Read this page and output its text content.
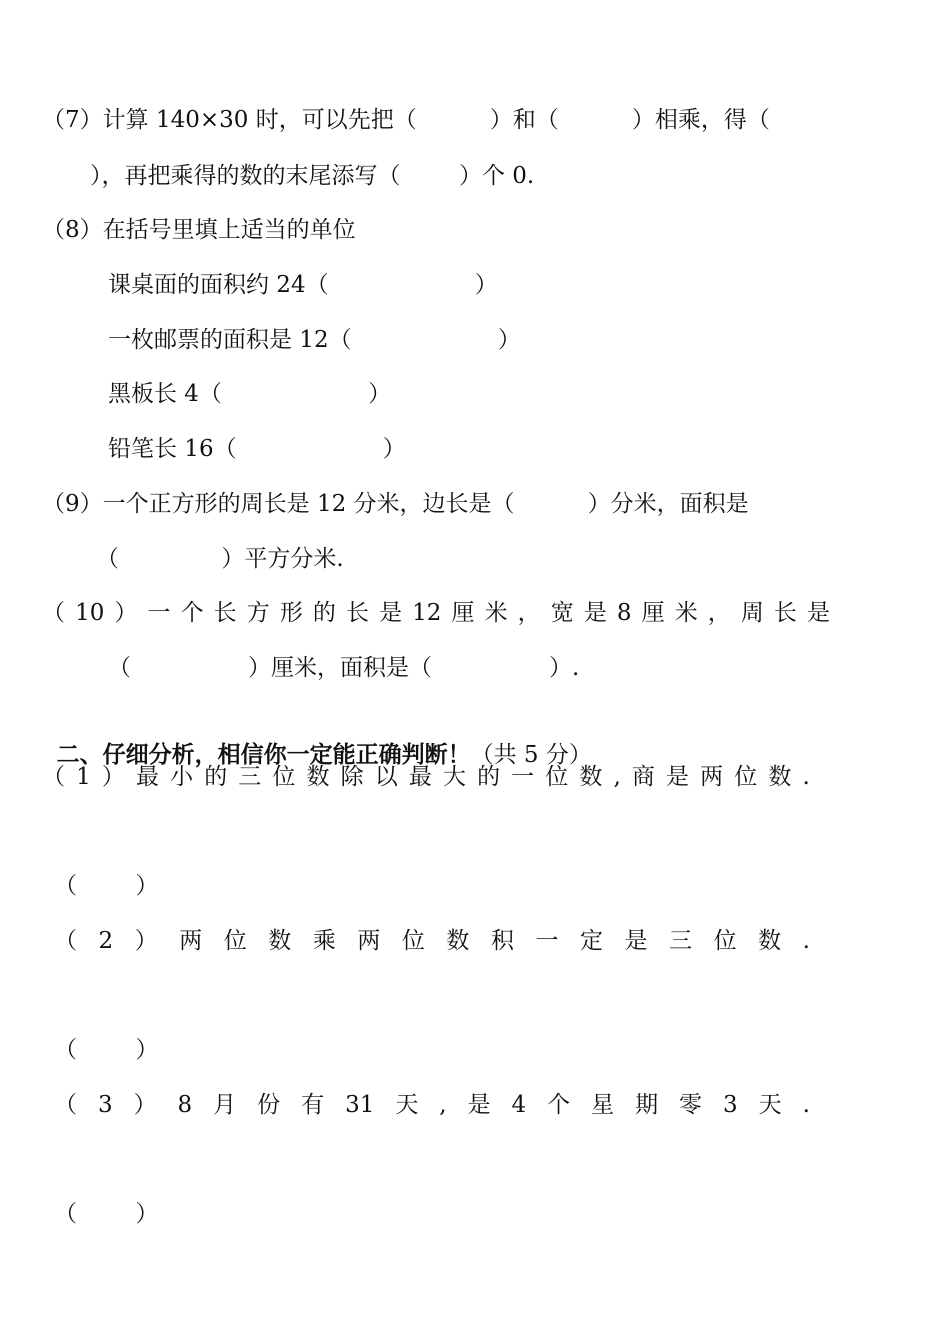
（7）计算 140×30 时，可以先把（          ）和（          ）相乘，得（
），再把乘得的数的末尾添写（        ）个 0.
（8）在括号里填上适当的单位
课桌面的面积约 24（                    ）
一枚邮票的面积是 12（                    ）
黑板长 4（                    ）
铅笔长 16（                    ）
（9）一个正方形的周长是 12 分米，边长是（          ）分米，面积是
（              ）平方分米.
（ 10 ） 一 个 长 方 形 的 长 是 12 厘 米 ， 宽 是 8 厘 米 ， 周 长 是
（                ）厘米，面积是（                ）.

二、仔细分析，相信你一定能正确判断！（共 5 分）

（ 1 ） 最 小 的 三 位 数 除 以 最 大 的 一 位 数 , 商 是 两 位 数 .
（        ）
（ 2 ） 两 位 数 乘 两 位 数 积 一 定 是 三 位 数 .
（        ）
（ 3 ） 8 月 份 有 31 天 , 是 4 个 星 期 零 3 天 .
（        ）
